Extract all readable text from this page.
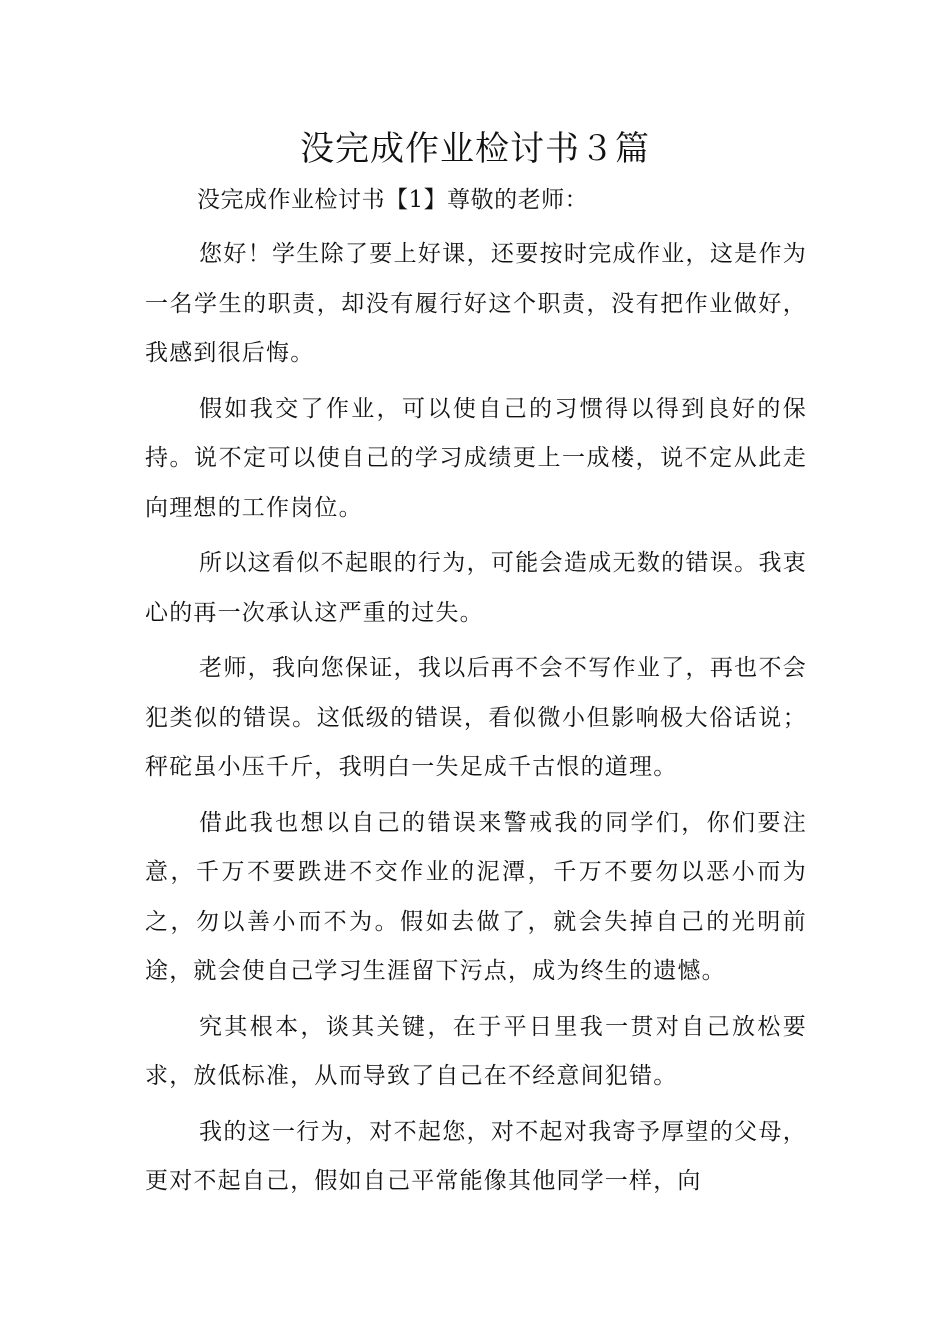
没完成作业检讨书３篇

没完成作业检讨书【1】尊敬的老师：

您好！学生除了要上好课，还要按时完成作业，这是作为一名学生的职责，却没有履行好这个职责，没有把作业做好，我感到很后悔。

假如我交了作业，可以使自己的习惯得以得到良好的保持。说不定可以使自己的学习成绩更上一成楼，说不定从此走向理想的工作岗位。

所以这看似不起眼的行为，可能会造成无数的错误。我衷心的再一次承认这严重的过失。

老师，我向您保证，我以后再不会不写作业了，再也不会犯类似的错误。这低级的错误，看似微小但影响极大俗话说；秤砣虽小压千斤，我明白一失足成千古恨的道理。

借此我也想以自己的错误来警戒我的同学们，你们要注意，千万不要跌进不交作业的泥潭，千万不要勿以恶小而为之，勿以善小而不为。假如去做了，就会失掉自己的光明前途，就会使自己学习生涯留下污点，成为终生的遗憾。

究其根本，谈其关键，在于平日里我一贯对自己放松要求，放低标准，从而导致了自己在不经意间犯错。

我的这一行为，对不起您，对不起对我寄予厚望的父母，更对不起自己，假如自己平常能像其他同学一样，向
